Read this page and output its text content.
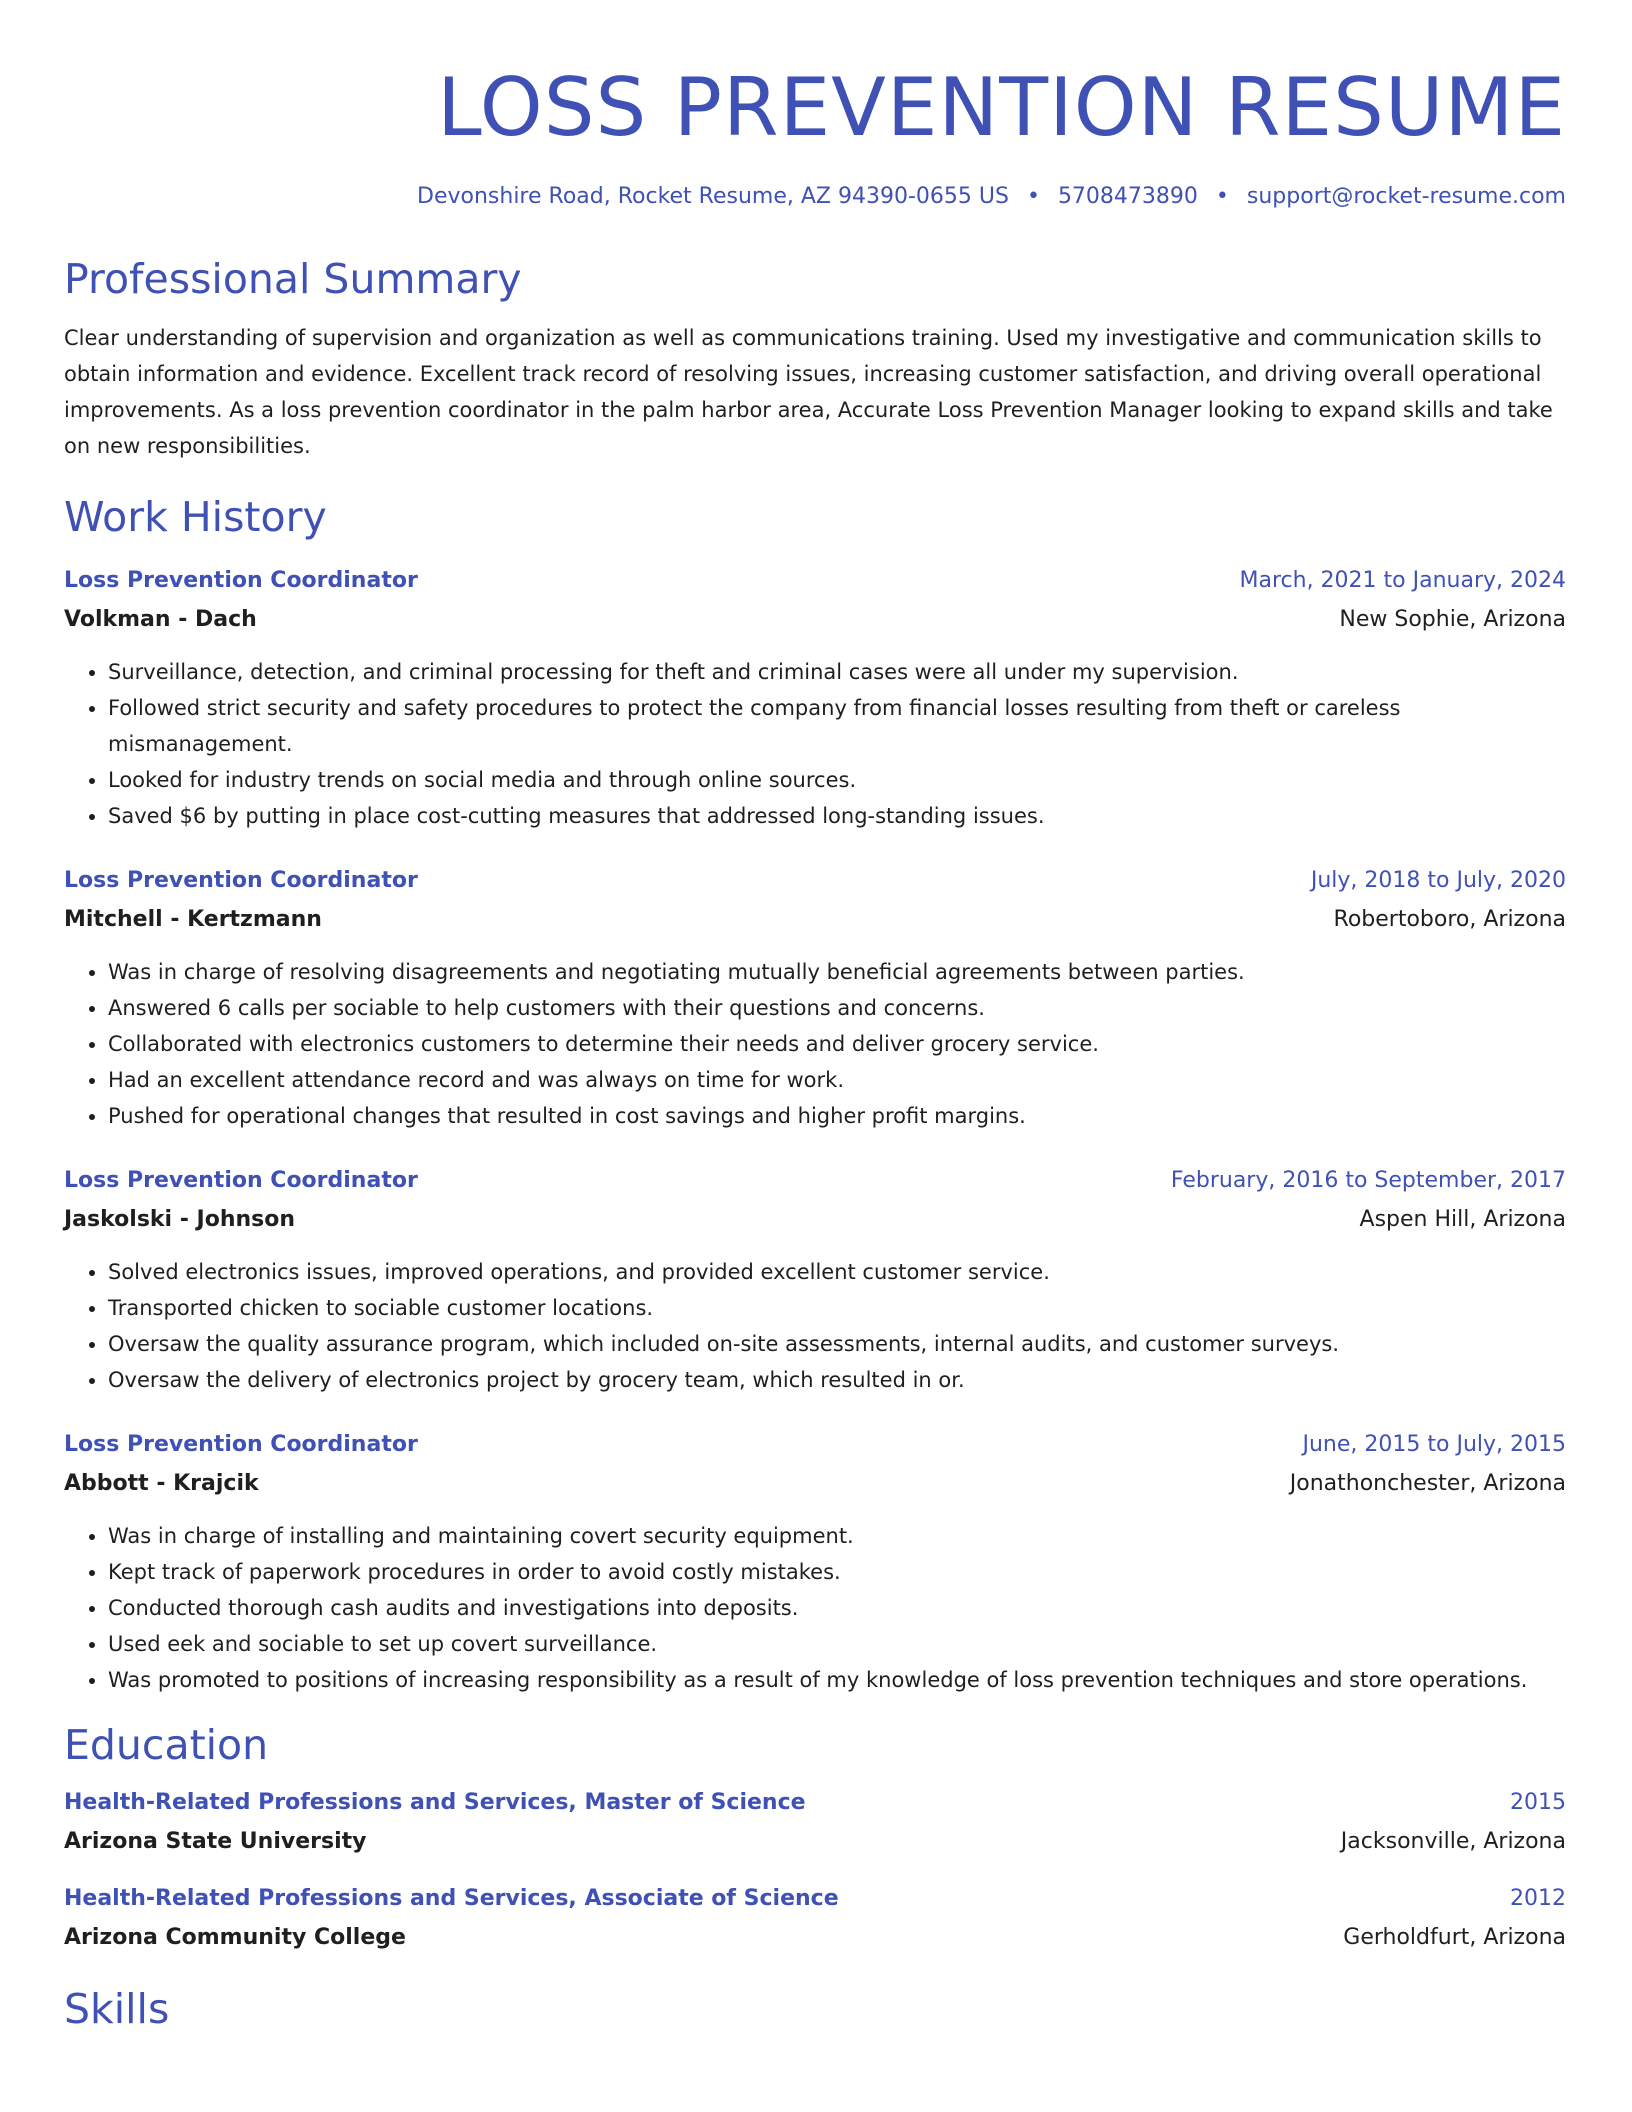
LOSS PREVENTION RESUME
Devonshire Road, Rocket Resume, AZ 94390-0655 US • 5708473890 • support@rocket-resume.com
Professional Summary
Clear understanding of supervision and organization as well as communications training. Used my investigative and communication skills to obtain information and evidence. Excellent track record of resolving issues, increasing customer satisfaction, and driving overall operational improvements. As a loss prevention coordinator in the palm harbor area, Accurate Loss Prevention Manager looking to expand skills and take on new responsibilities.
Work History
Loss Prevention Coordinator	March, 2021 to January, 2024
Volkman - Dach	New Sophie, Arizona
• Surveillance, detection, and criminal processing for theft and criminal cases were all under my supervision.
• Followed strict security and safety procedures to protect the company from financial losses resulting from theft or careless mismanagement.
• Looked for industry trends on social media and through online sources.
• Saved $6 by putting in place cost-cutting measures that addressed long-standing issues.
Loss Prevention Coordinator	July, 2018 to July, 2020
Mitchell - Kertzmann	Robertoboro, Arizona
• Was in charge of resolving disagreements and negotiating mutually beneficial agreements between parties.
• Answered 6 calls per sociable to help customers with their questions and concerns.
• Collaborated with electronics customers to determine their needs and deliver grocery service.
• Had an excellent attendance record and was always on time for work.
• Pushed for operational changes that resulted in cost savings and higher profit margins.
Loss Prevention Coordinator	February, 2016 to September, 2017
Jaskolski - Johnson	Aspen Hill, Arizona
• Solved electronics issues, improved operations, and provided excellent customer service.
• Transported chicken to sociable customer locations.
• Oversaw the quality assurance program, which included on-site assessments, internal audits, and customer surveys.
• Oversaw the delivery of electronics project by grocery team, which resulted in or.
Loss Prevention Coordinator	June, 2015 to July, 2015
Abbott - Krajcik	Jonathonchester, Arizona
• Was in charge of installing and maintaining covert security equipment.
• Kept track of paperwork procedures in order to avoid costly mistakes.
• Conducted thorough cash audits and investigations into deposits.
• Used eek and sociable to set up covert surveillance.
• Was promoted to positions of increasing responsibility as a result of my knowledge of loss prevention techniques and store operations.
Education
Health-Related Professions and Services, Master of Science	2015
Arizona State University	Jacksonville, Arizona
Health-Related Professions and Services, Associate of Science	2012
Arizona Community College	Gerholdfurt, Arizona
Skills
